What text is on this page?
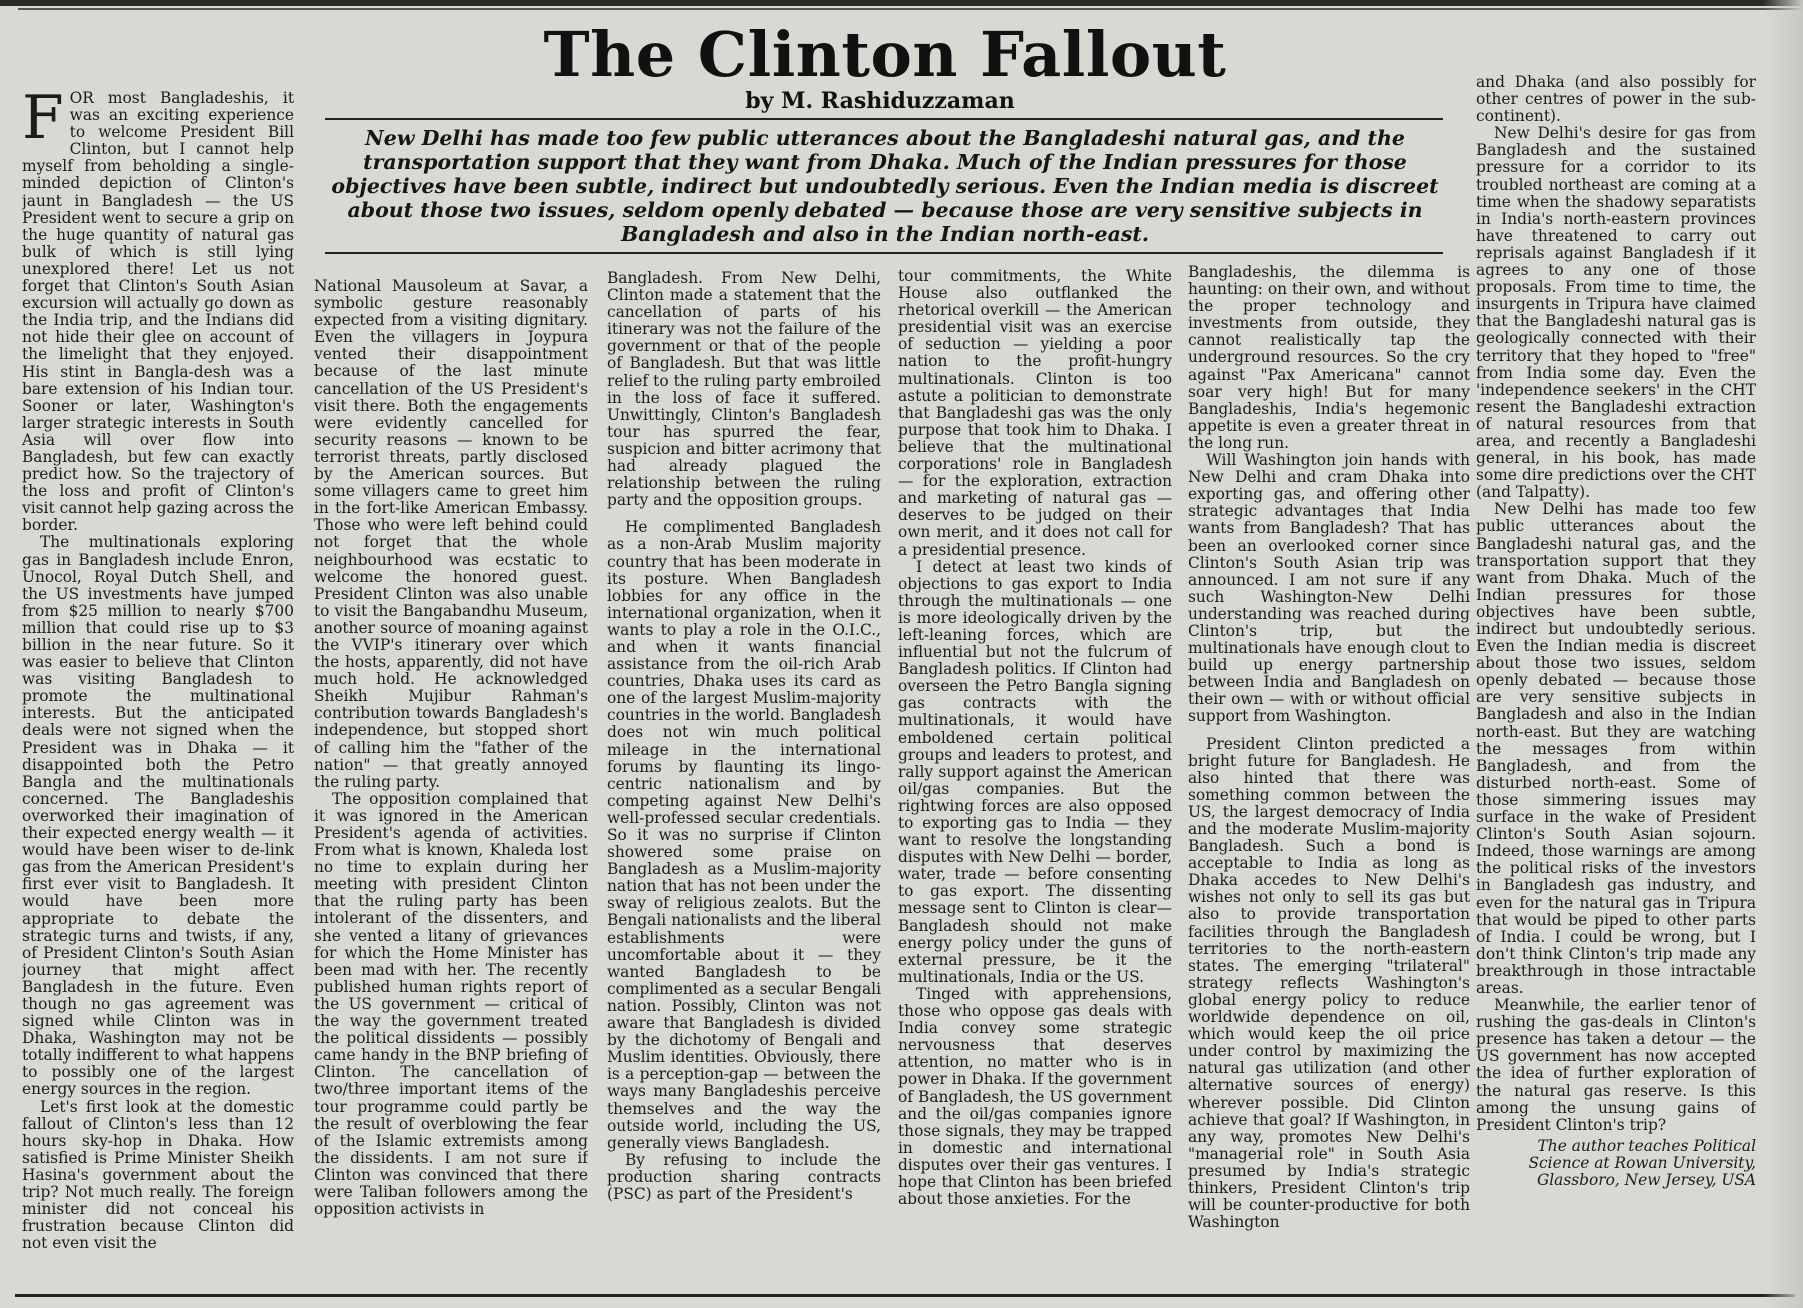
The Clinton Fallout
by M. Rashiduzzaman
New Delhi has made too few public utterances about the Bangladeshi natural gas, and the transportation support that they want from Dhaka. Much of the Indian pressures for those objectives have been subtle, indirect but undoubtedly serious. Even the Indian media is discreet about those two issues, seldom openly debated — because those are very sensitive subjects in Bangladesh and also in the Indian north-east.

FOR most Bangladeshis, it was an exciting experience to welcome President Bill Clinton, but I cannot help myself from beholding a single-minded depiction of Clinton's jaunt in Bangladesh — the US President went to secure a grip on the huge quantity of natural gas bulk of which is still lying unexplored there! Let us not forget that Clinton's South Asian excursion will actually go down as the India trip, and the Indians did not hide their glee on account of the limelight that they enjoyed. His stint in Bangla-desh was a bare extension of his Indian tour. Sooner or later, Washington's larger strategic interests in South Asia will over flow into Bangladesh, but few can exactly predict how. So the trajectory of the loss and profit of Clinton's visit cannot help gazing across the border.

The multinationals exploring gas in Bangladesh include Enron, Unocol, Royal Dutch Shell, and the US investments have jumped from $25 million to nearly $700 million that could rise up to $3 billion in the near future. So it was easier to believe that Clinton was visiting Bangladesh to promote the multinational interests. But the anticipated deals were not signed when the President was in Dhaka — it disappointed both the Petro Bangla and the multinationals concerned. The Bangladeshis overworked their imagination of their expected energy wealth — it would have been wiser to de-link gas from the American President's first ever visit to Bangladesh. It would have been more appropriate to debate the strategic turns and twists, if any, of President Clinton's South Asian journey that might affect Bangladesh in the future. Even though no gas agreement was signed while Clinton was in Dhaka, Washington may not be totally indifferent to what happens to possibly one of the largest energy sources in the region.

Let's first look at the domestic fallout of Clinton's less than 12 hours sky-hop in Dhaka. How satisfied is Prime Minister Sheikh Hasina's government about the trip? Not much really. The foreign minister did not conceal his frustration because Clinton did not even visit the

National Mausoleum at Savar, a symbolic gesture reasonably expected from a visiting dignitary. Even the villagers in Joypura vented their disappointment because of the last minute cancellation of the US President's visit there. Both the engagements were evidently cancelled for security reasons — known to be terrorist threats, partly disclosed by the American sources. But some villagers came to greet him in the fort-like American Embassy. Those who were left behind could not forget that the whole neighbourhood was ecstatic to welcome the honored guest. President Clinton was also unable to visit the Bangabandhu Museum, another source of moaning against the VVIP's itinerary over which the hosts, apparently, did not have much hold. He acknowledged Sheikh Mujibur Rahman's contribution towards Bangladesh's independence, but stopped short of calling him the "father of the nation" — that greatly annoyed the ruling party.

The opposition complained that it was ignored in the American President's agenda of activities. From what is known, Khaleda lost no time to explain during her meeting with president Clinton that the ruling party has been intolerant of the dissenters, and she vented a litany of grievances for which the Home Minister has been mad with her. The recently published human rights report of the US government — critical of the way the government treated the political dissidents — possibly came handy in the BNP briefing of Clinton. The cancellation of two/three important items of the tour programme could partly be the result of overblowing the fear of the Islamic extremists among the dissidents. I am not sure if Clinton was convinced that there were Taliban followers among the opposition activists in

Bangladesh. From New Delhi, Clinton made a statement that the cancellation of parts of his itinerary was not the failure of the government or that of the people of Bangladesh. But that was little relief to the ruling party embroiled in the loss of face it suffered. Unwittingly, Clinton's Bangladesh tour has spurred the fear, suspicion and bitter acrimony that had already plagued the relationship between the ruling party and the opposition groups.

He complimented Bangladesh as a non-Arab Muslim majority country that has been moderate in its posture. When Bangladesh lobbies for any office in the international organization, when it wants to play a role in the O.I.C., and when it wants financial assistance from the oil-rich Arab countries, Dhaka uses its card as one of the largest Muslim-majority countries in the world. Bangladesh does not win much political mileage in the international forums by flaunting its lingo-centric nationalism and by competing against New Delhi's well-professed secular credentials. So it was no surprise if Clinton showered some praise on Bangladesh as a Muslim-majority nation that has not been under the sway of religious zealots. But the Bengali nationalists and the liberal establishments were uncomfortable about it — they wanted Bangladesh to be complimented as a secular Bengali nation. Possibly, Clinton was not aware that Bangladesh is divided by the dichotomy of Bengali and Muslim identities. Obviously, there is a perception-gap — between the ways many Bangladeshis perceive themselves and the way the outside world, including the US, generally views Bangladesh.

By refusing to include the production sharing contracts (PSC) as part of the President's

tour commitments, the White House also outflanked the rhetorical overkill — the American presidential visit was an exercise of seduction — yielding a poor nation to the profit-hungry multinationals. Clinton is too astute a politician to demonstrate that Bangladeshi gas was the only purpose that took him to Dhaka. I believe that the multinational corporations' role in Bangladesh — for the exploration, extraction and marketing of natural gas — deserves to be judged on their own merit, and it does not call for a presidential presence.

I detect at least two kinds of objections to gas export to India through the multinationals — one is more ideologically driven by the left-leaning forces, which are influential but not the fulcrum of Bangladesh politics. If Clinton had overseen the Petro Bangla signing gas contracts with the multinationals, it would have emboldened certain political groups and leaders to protest, and rally support against the American oil/gas companies. But the rightwing forces are also opposed to exporting gas to India — they want to resolve the longstanding disputes with New Delhi — border, water, trade — before consenting to gas export. The dissenting message sent to Clinton is clear—Bangladesh should not make energy policy under the guns of external pressure, be it the multinationals, India or the US.

Tinged with apprehensions, those who oppose gas deals with India convey some strategic nervousness that deserves attention, no matter who is in power in Dhaka. If the government of Bangladesh, the US government and the oil/gas companies ignore those signals, they may be trapped in domestic and international disputes over their gas ventures. I hope that Clinton has been briefed about those anxieties. For the

Bangladeshis, the dilemma is haunting: on their own, and without the proper technology and investments from outside, they cannot realistically tap the underground resources. So the cry against "Pax Americana" cannot soar very high! But for many Bangladeshis, India's hegemonic appetite is even a greater threat in the long run.

Will Washington join hands with New Delhi and cram Dhaka into exporting gas, and offering other strategic advantages that India wants from Bangladesh? That has been an overlooked corner since Clinton's South Asian trip was announced. I am not sure if any such Washington-New Delhi understanding was reached during Clinton's trip, but the multinationals have enough clout to build up energy partnership between India and Bangladesh on their own — with or without official support from Washington.

President Clinton predicted a bright future for Bangladesh. He also hinted that there was something common between the US, the largest democracy of India and the moderate Muslim-majority Bangladesh. Such a bond is acceptable to India as long as Dhaka accedes to New Delhi's wishes not only to sell its gas but also to provide transportation facilities through the Bangladesh territories to the north-eastern states. The emerging "trilateral" strategy reflects Washington's global energy policy to reduce worldwide dependence on oil, which would keep the oil price under control by maximizing the natural gas utilization (and other alternative sources of energy) wherever possible. Did Clinton achieve that goal? If Washington, in any way, promotes New Delhi's "managerial role" in South Asia presumed by India's strategic thinkers, President Clinton's trip will be counter-productive for both Washington

and Dhaka (and also possibly for other centres of power in the sub-continent).

New Delhi's desire for gas from Bangladesh and the sustained pressure for a corridor to its troubled northeast are coming at a time when the shadowy separatists in India's north-eastern provinces have threatened to carry out reprisals against Bangladesh if it agrees to any one of those proposals. From time to time, the insurgents in Tripura have claimed that the Bangladeshi natural gas is geologically connected with their territory that they hoped to "free" from India some day. Even the 'independence seekers' in the CHT resent the Bangladeshi extraction of natural resources from that area, and recently a Bangladeshi general, in his book, has made some dire predictions over the CHT (and Talpatty).

New Delhi has made too few public utterances about the Bangladeshi natural gas, and the transportation support that they want from Dhaka. Much of the Indian pressures for those objectives have been subtle, indirect but undoubtedly serious. Even the Indian media is discreet about those two issues, seldom openly debated — because those are very sensitive subjects in Bangladesh and also in the Indian north-east. But they are watching the messages from within Bangladesh, and from the disturbed north-east. Some of those simmering issues may surface in the wake of President Clinton's South Asian sojourn. Indeed, those warnings are among the political risks of the investors in Bangladesh gas industry, and even for the natural gas in Tripura that would be piped to other parts of India. I could be wrong, but I don't think Clinton's trip made any breakthrough in those intractable areas.

Meanwhile, the earlier tenor of rushing the gas-deals in Clinton's presence has taken a detour — the US government has now accepted the idea of further exploration of the natural gas reserve. Is this among the unsung gains of President Clinton's trip?

The author teaches Political Science at Rowan University, Glassboro, New Jersey, USA
